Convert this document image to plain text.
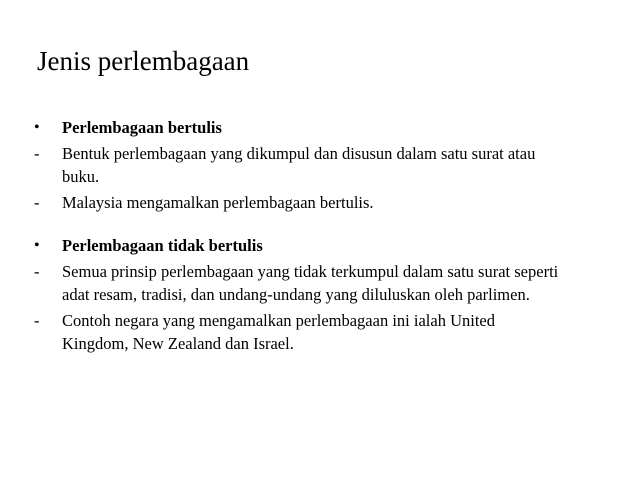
Jenis perlembagaan
•	Perlembagaan bertulis
-	Bentuk perlembagaan yang dikumpul dan disusun dalam satu surat atau
buku.
-	Malaysia mengamalkan perlembagaan bertulis.
•	Perlembagaan tidak bertulis
-	Semua prinsip perlembagaan yang tidak terkumpul dalam satu surat seperti
adat resam, tradisi, dan undang-undang yang diluluskan oleh parlimen.
-	Contoh negara yang mengamalkan perlembagaan ini ialah United
Kingdom, New Zealand dan Israel.
